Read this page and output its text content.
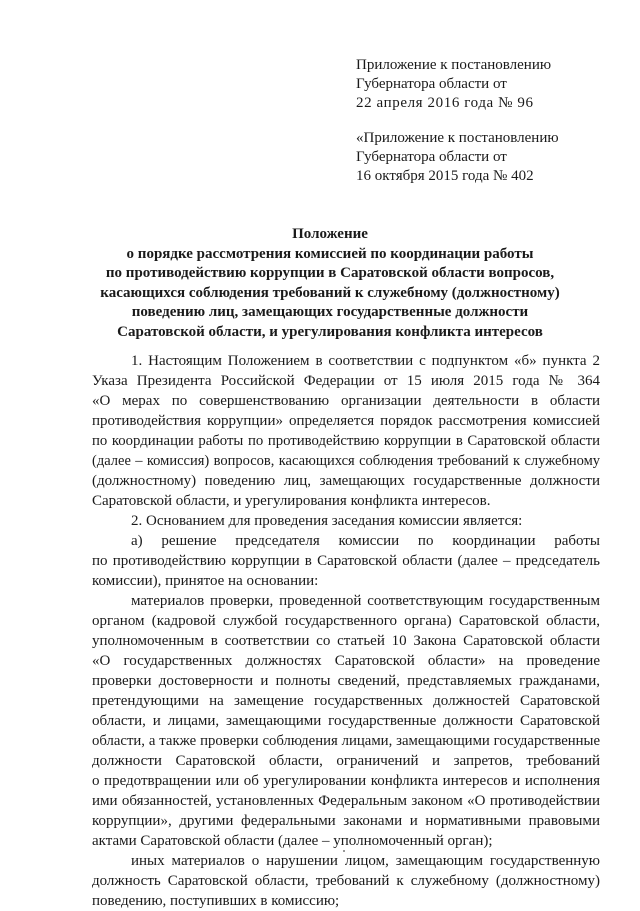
Приложение к постановлению
Губернатора области от
22 апреля 2016 года № 96
«Приложение к постановлению
Губернатора области от
16 октября 2015 года № 402
Положение
о порядке рассмотрения комиссией по координации работы
по противодействию коррупции в Саратовской области вопросов,
касающихся соблюдения требований к служебному (должностному)
поведению лиц, замещающих государственные должности
Саратовской области, и урегулирования конфликта интересов
1. Настоящим Положением в соответствии с подпунктом «б» пункта 2
Указа Президента Российской Федерации от 15 июля 2015 года № 364
«О мерах по совершенствованию организации деятельности в области
противодействия коррупции» определяется порядок рассмотрения комиссией
по координации работы по противодействию коррупции в Саратовской области
(далее – комиссия) вопросов, касающихся соблюдения требований к служебному
(должностному) поведению лиц, замещающих государственные должности
Саратовской области, и урегулирования конфликта интересов.
2. Основанием для проведения заседания комиссии является:
а) решение председателя комиссии по координации работы
по противодействию коррупции в Саратовской области (далее – председатель
комиссии), принятое на основании:
материалов проверки, проведенной соответствующим государственным
органом (кадровой службой государственного органа) Саратовской области,
уполномоченным в соответствии со статьей 10 Закона Саратовской области
«О государственных должностях Саратовской области» на проведение
проверки достоверности и полноты сведений, представляемых гражданами,
претендующими на замещение государственных должностей Саратовской
области, и лицами, замещающими государственные должности Саратовской
области, а также проверки соблюдения лицами, замещающими государственные
должности Саратовской области, ограничений и запретов, требований
о предотвращении или об урегулировании конфликта интересов и исполнения
ими обязанностей, установленных Федеральным законом «О противодействии
коррупции», другими федеральными законами и нормативными правовыми
актами Саратовской области (далее – уполномоченный орган);
иных материалов о нарушении лицом, замещающим государственную
должность Саратовской области, требований к служебному (должностному)
поведению, поступивших в комиссию;
